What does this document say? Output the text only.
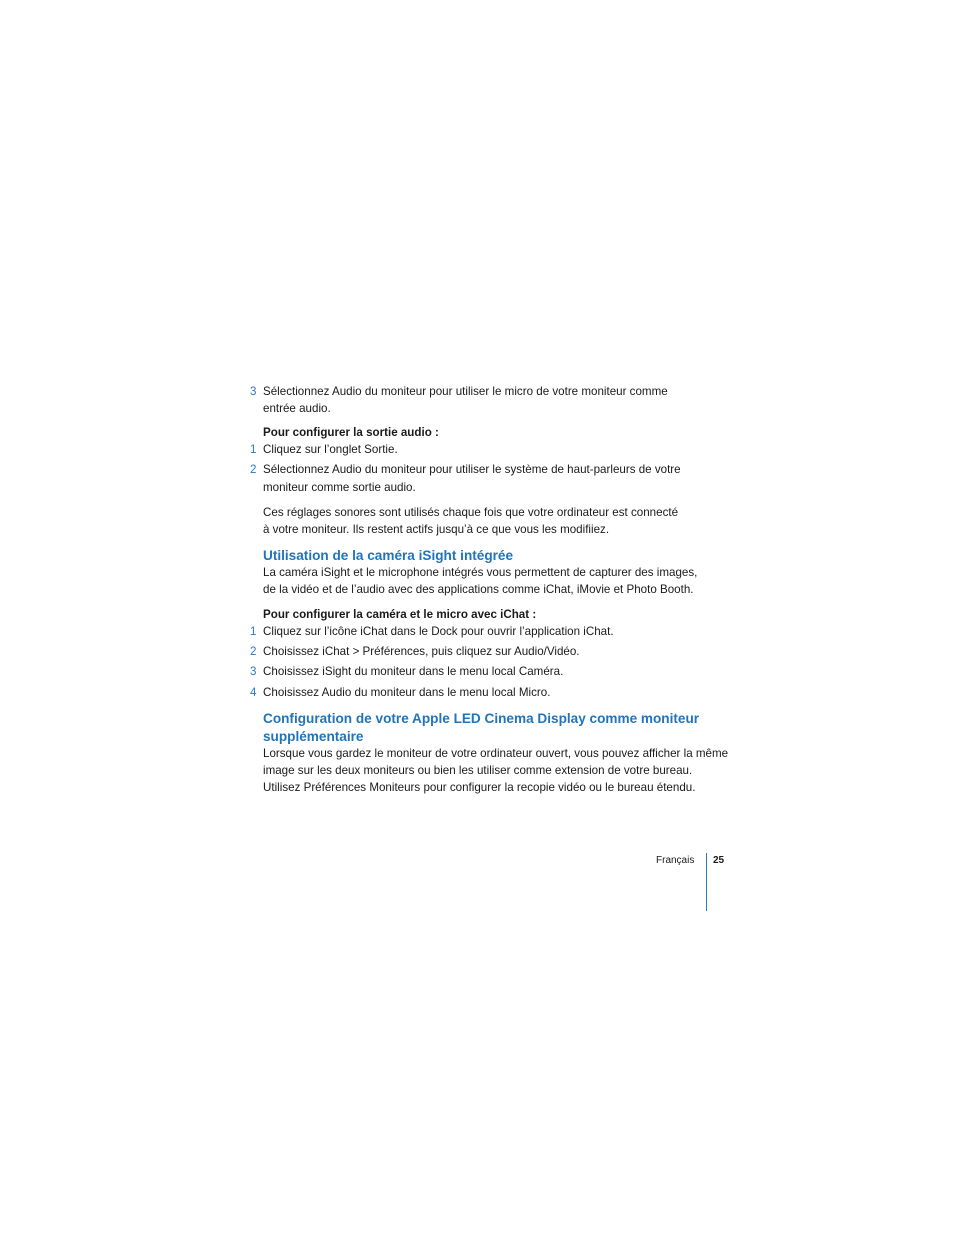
3 Sélectionnez Audio du moniteur pour utiliser le micro de votre moniteur comme
entrée audio.
Pour configurer la sortie audio :
1 Cliquez sur l’onglet Sortie.
2 Sélectionnez Audio du moniteur pour utiliser le système de haut-parleurs de votre
moniteur comme sortie audio.
Ces réglages sonores sont utilisés chaque fois que votre ordinateur est connecté
à votre moniteur. Ils restent actifs jusqu’à ce que vous les modifiiez.
Utilisation de la caméra iSight intégrée
La caméra iSight et le microphone intégrés vous permettent de capturer des images,
de la vidéo et de l’audio avec des applications comme iChat, iMovie et Photo Booth.
Pour configurer la caméra et le micro avec iChat :
1 Cliquez sur l’icône iChat dans le Dock pour ouvrir l’application iChat.
2 Choisissez iChat > Préférences, puis cliquez sur Audio/Vidéo.
3 Choisissez iSight du moniteur dans le menu local Caméra.
4 Choisissez Audio du moniteur dans le menu local Micro.
Configuration de votre Apple LED Cinema Display comme moniteur
supplémentaire
Lorsque vous gardez le moniteur de votre ordinateur ouvert, vous pouvez afficher la même
image sur les deux moniteurs ou bien les utiliser comme extension de votre bureau.
Utilisez Préférences Moniteurs pour configurer la recopie vidéo ou le bureau étendu.
Français 25
